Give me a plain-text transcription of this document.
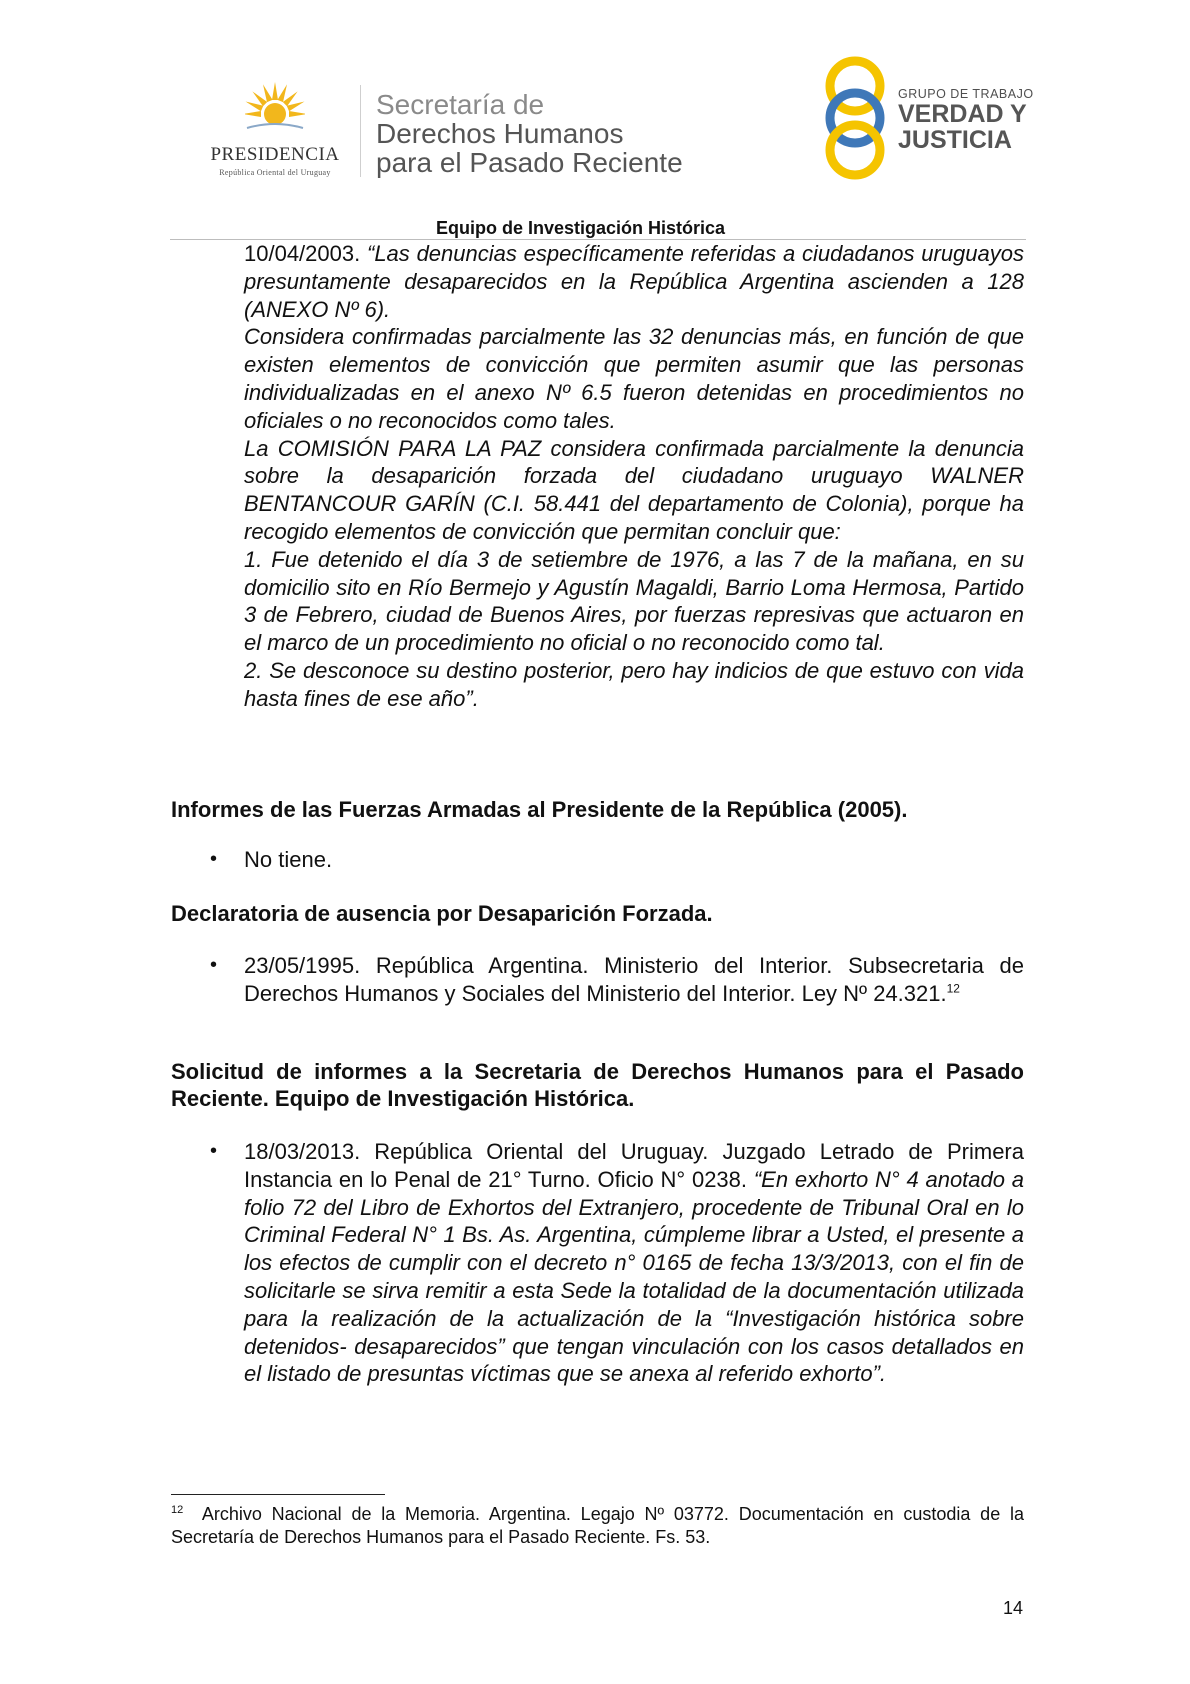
PRESIDENCIA
República Oriental del Uruguay
Secretaría de
Derechos Humanos
para el Pasado Reciente
GRUPO DE TRABAJO
VERDAD Y
JUSTICIA
Equipo de Investigación Histórica

10/04/2003. “Las denuncias específicamente referidas a ciudadanos uruguayos presuntamente desaparecidos en la República Argentina ascienden a 128 (ANEXO Nº 6).

Considera confirmadas parcialmente las 32 denuncias más, en función de que existen elementos de convicción que permiten asumir que las personas individualizadas en el anexo Nº 6.5 fueron detenidas en procedimientos no oficiales o no reconocidos como tales.

La COMISIÓN PARA LA PAZ considera confirmada parcialmente la denuncia sobre la desaparición forzada del ciudadano uruguayo WALNER BENTANCOUR GARÍN (C.I. 58.441 del departamento de Colonia), porque ha recogido elementos de convicción que permitan concluir que:

1. Fue detenido el día 3 de setiembre de 1976, a las 7 de la mañana, en su domicilio sito en Río Bermejo y Agustín Magaldi, Barrio Loma Hermosa, Partido 3 de Febrero, ciudad de Buenos Aires, por fuerzas represivas que actuaron en el marco de un procedimiento no oficial o no reconocido como tal.

2. Se desconoce su destino posterior, pero hay indicios de que estuvo con vida hasta fines de ese año”.

Informes de las Fuerzas Armadas al Presidente de la República (2005).
• No tiene.
Declaratoria de ausencia por Desaparición Forzada.
• 23/05/1995. República Argentina. Ministerio del Interior. Subsecretaria de Derechos Humanos y Sociales del Ministerio del Interior. Ley Nº 24.321.12
Solicitud de informes a la Secretaria de Derechos Humanos para el Pasado Reciente. Equipo de Investigación Histórica.
• 18/03/2013. República Oriental del Uruguay. Juzgado Letrado de Primera Instancia en lo Penal de 21° Turno. Oficio N° 0238. “En exhorto N° 4 anotado a folio 72 del Libro de Exhortos del Extranjero, procedente de Tribunal Oral en lo Criminal Federal N° 1 Bs. As. Argentina, cúmpleme librar a Usted, el presente a los efectos de cumplir con el decreto n° 0165 de fecha 13/3/2013, con el fin de solicitarle se sirva remitir a esta Sede la totalidad de la documentación utilizada para la realización de la actualización de la “Investigación histórica sobre detenidos- desaparecidos” que tengan vinculación con los casos detallados en el listado de presuntas víctimas que se anexa al referido exhorto”.
$^{12}$ Archivo Nacional de la Memoria. Argentina. Legajo Nº 03772. Documentación en custodia de la Secretaría de Derechos Humanos para el Pasado Reciente. Fs. 53.
14
